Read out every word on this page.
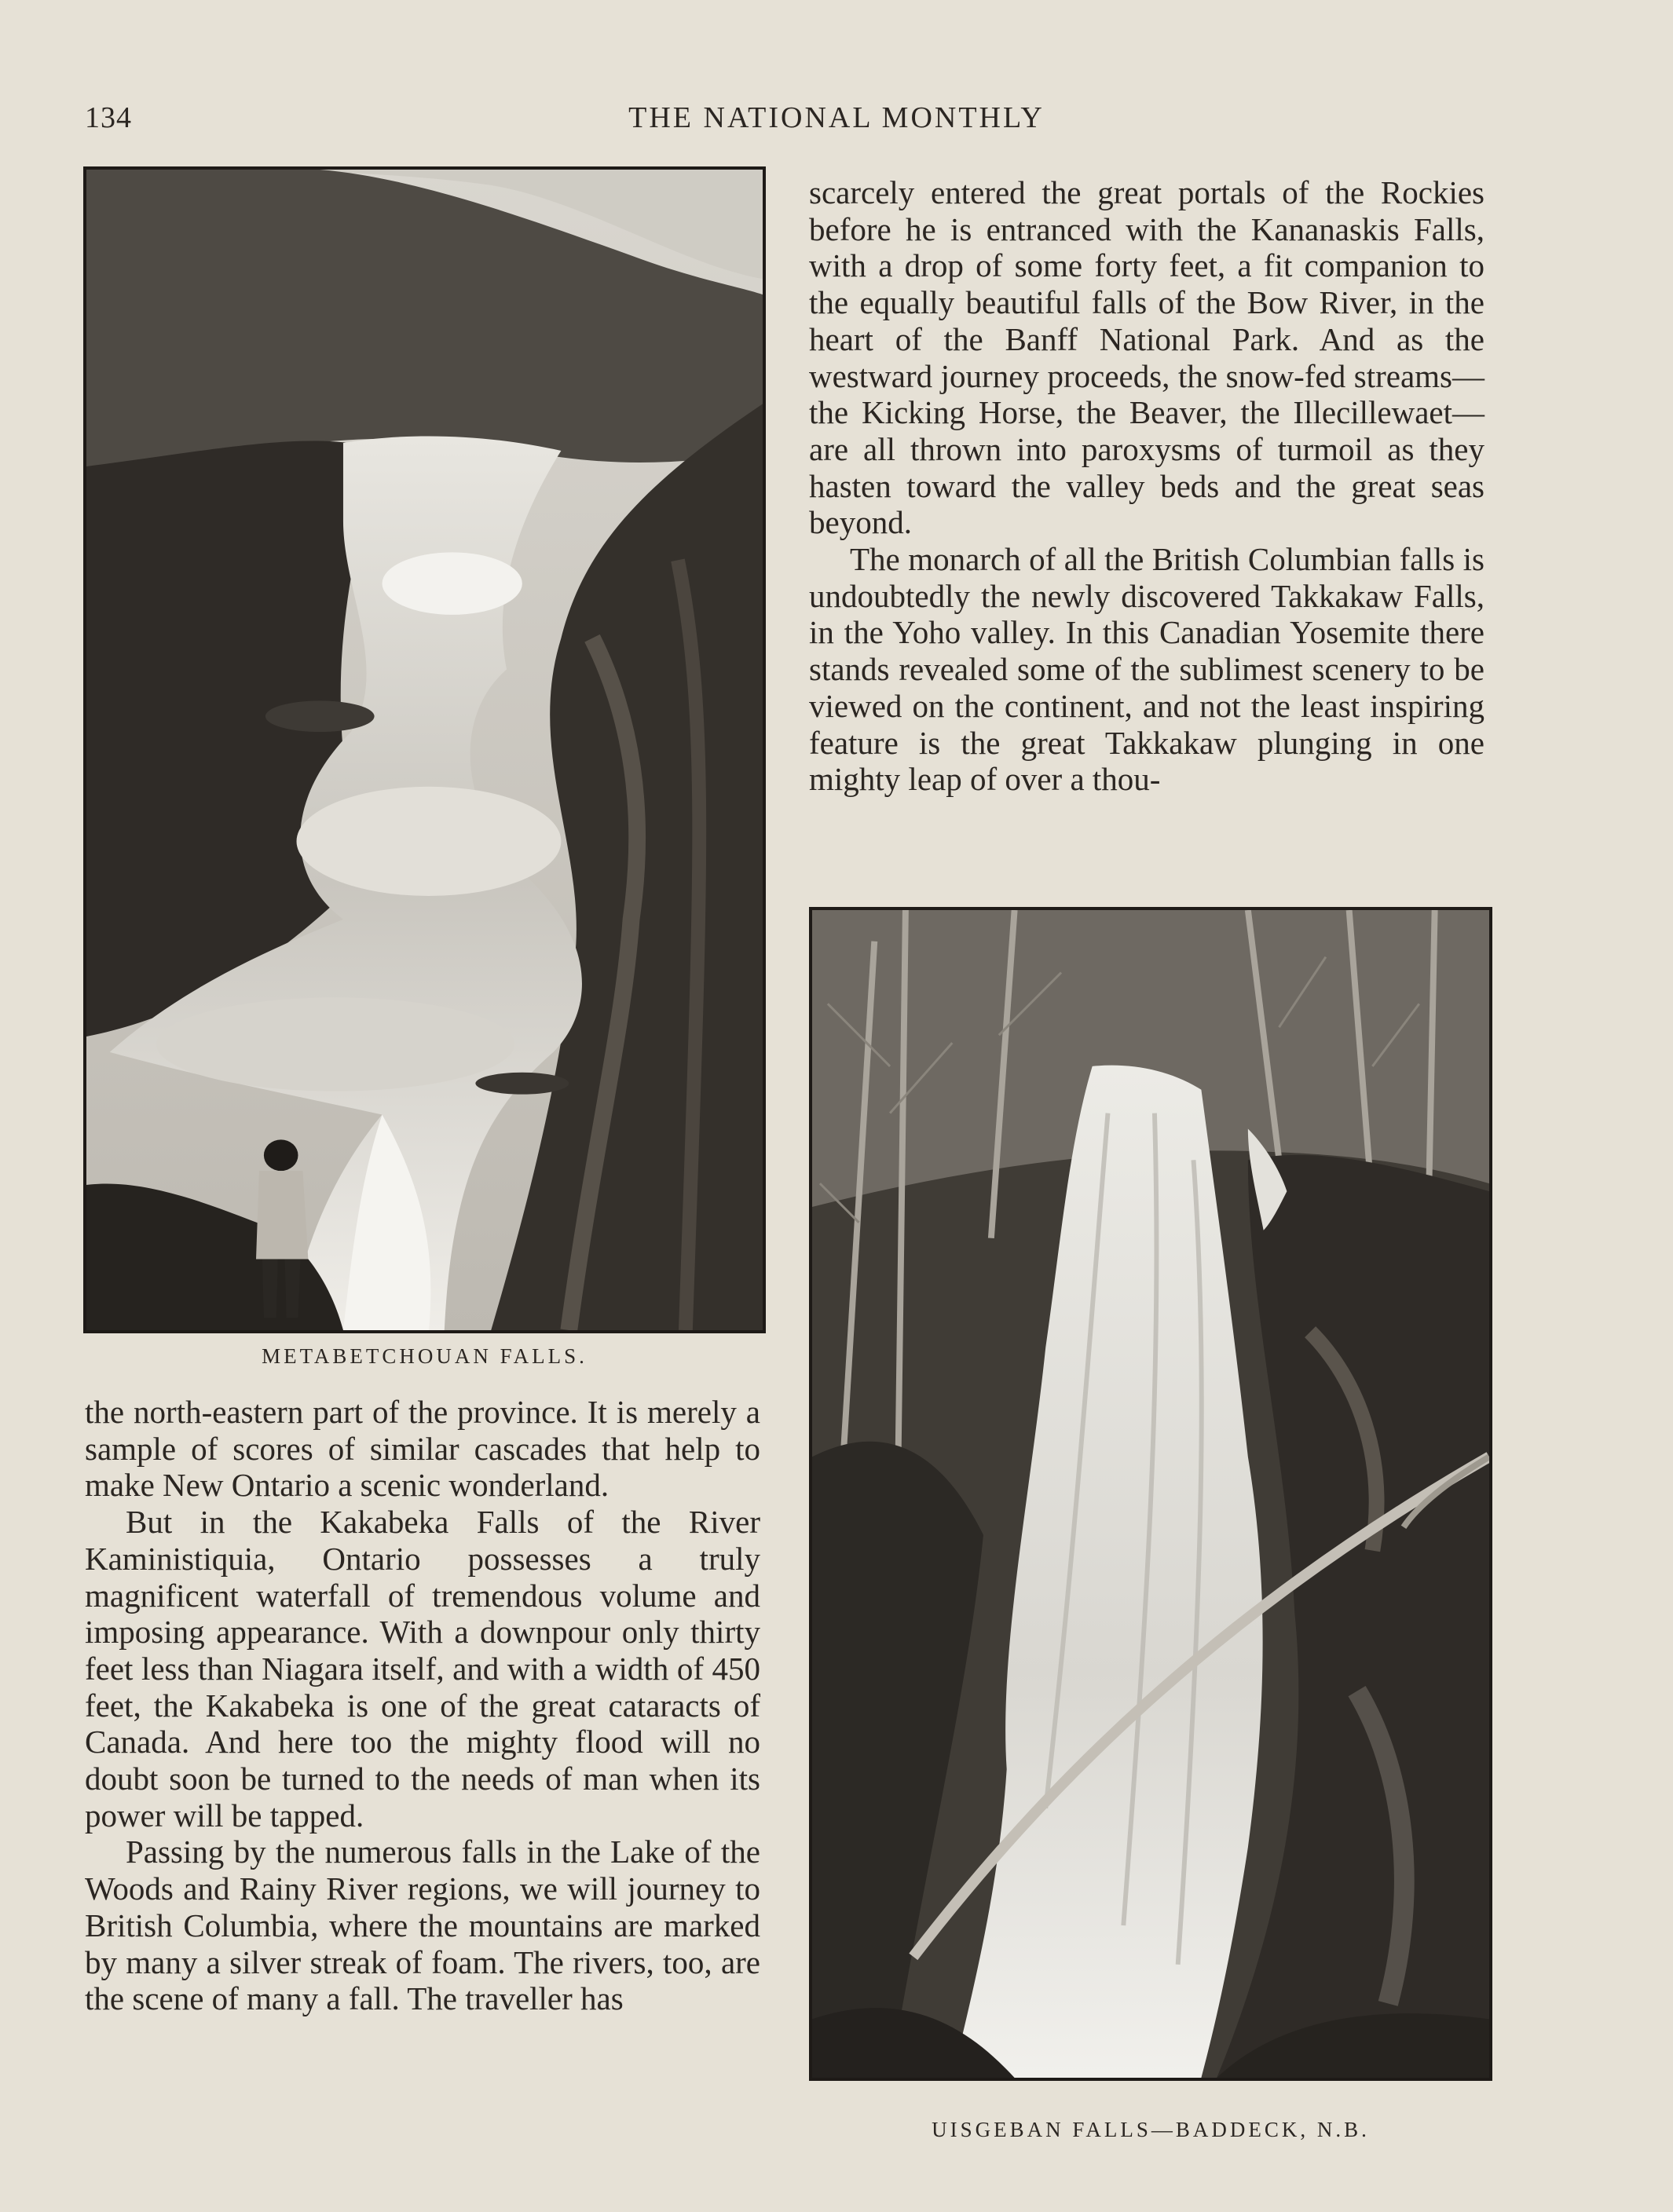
134	THE NATIONAL MONTHLY
METABETCHOUAN FALLS.

scarcely entered the great portals of the Rockies before he is entranced with the Kananaskis Falls, with a drop of some forty feet, a fit companion to the equally beautiful falls of the Bow River, in the heart of the Banff National Park. And as the westward journey proceeds, the snow-fed streams—the Kicking Horse, the Beaver, the Illecillewaet—are all thrown into paroxysms of turmoil as they hasten toward the valley beds and the great seas beyond.

The monarch of all the British Columbian falls is undoubtedly the newly discovered Takkakaw Falls, in the Yoho valley. In this Canadian Yosemite there stands revealed some of the sublimest scenery to be viewed on the continent, and not the least inspiring feature is the great Takkakaw plunging in one mighty leap of over a thou-

UISGEBAN FALLS—BADDECK, N.B.

the north-eastern part of the province. It is merely a sample of scores of similar cascades that help to make New Ontario a scenic wonderland.

But in the Kakabeka Falls of the River Kaministiquia, Ontario possesses a truly magnificent waterfall of tremendous volume and imposing appearance. With a downpour only thirty feet less than Niagara itself, and with a width of 450 feet, the Kakabeka is one of the great cataracts of Canada. And here too the mighty flood will no doubt soon be turned to the needs of man when its power will be tapped.

Passing by the numerous falls in the Lake of the Woods and Rainy River regions, we will journey to British Columbia, where the mountains are marked by many a silver streak of foam. The rivers, too, are the scene of many a fall. The traveller has
